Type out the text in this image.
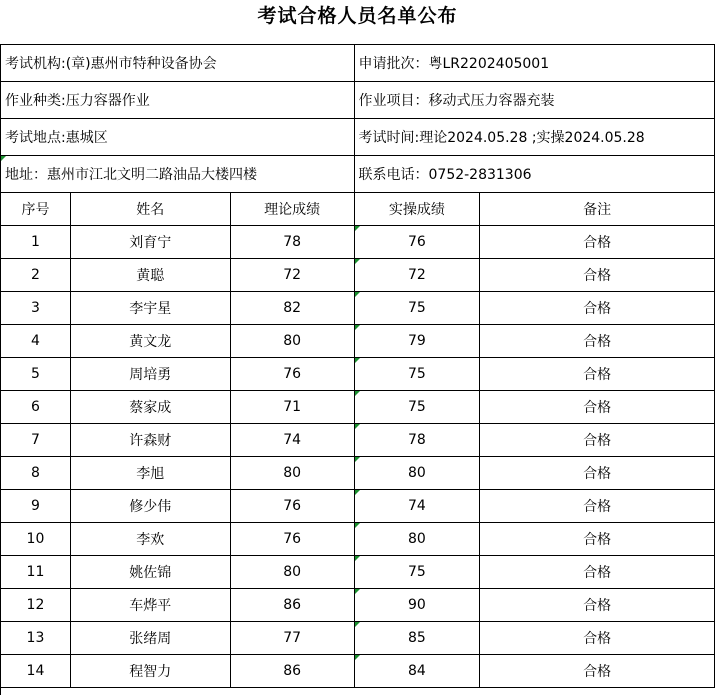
考试合格人员名单公布
考试机构:(章)惠州市特种设备协会	申请批次：粤LR2202405001
作业种类:压力容器作业	作业项目：移动式压力容器充装
考试地点:惠城区	考试时间:理论2024.05.28 ;实操2024.05.28
地址：惠州市江北文明二路油品大楼四楼	联系电话：0752-2831306
序号	姓名	理论成绩	实操成绩	备注
1	刘育宁	78	76	合格
2	黄聪	72	72	合格
3	李宇星	82	75	合格
4	黄文龙	80	79	合格
5	周培勇	76	75	合格
6	蔡家成	71	75	合格
7	许森财	74	78	合格
8	李旭	80	80	合格
9	修少伟	76	74	合格
10	李欢	76	80	合格
11	姚佐锦	80	75	合格
12	车烨平	86	90	合格
13	张绪周	77	85	合格
14	程智力	86	84	合格
